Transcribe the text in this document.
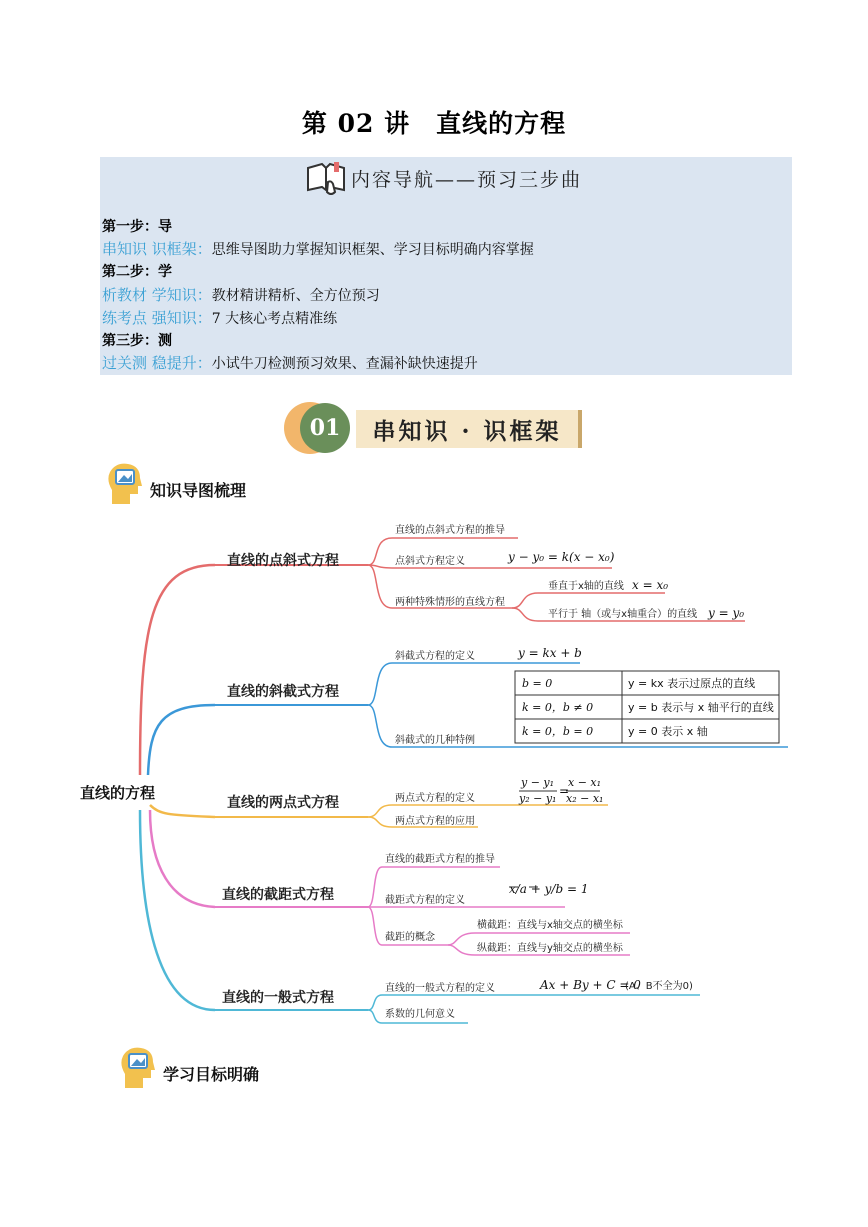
第 02 讲　直线的方程
内容导航——预习三步曲
第一步：导
串知识 识框架：思维导图助力掌握知识框架、学习目标明确内容掌握
第二步：学
析教材 学知识：教材精讲精析、全方位预习
练考点 强知识：7 大核心考点精准练
第三步：测
过关测 稳提升：小试牛刀检测预习效果、查漏补缺快速提升
01	串知识 · 识框架
知识导图梳理
直线的方程
直线的点斜式方程
直线的点斜式方程的推导
点斜式方程定义	y − y₀ = k(x − x₀)
两种特殊情形的直线方程
垂直于x轴的直线 x = x₀
平行于 轴（或与x轴重合）的直线 y = y₀
直线的斜截式方程
斜截式方程的定义	y = kx + b
斜截式的几种特例
b = 0	y = kx 表示过原点的直线
k = 0，b ≠ 0	y = b 表示与 x 轴平行的直线
k = 0，b = 0	y = 0 表示 x 轴
直线的两点式方程	两点式方程的定义
y − y₁
y₂ − y₁
=
x − x₁
x₂ − x₁
两点式方程的应用
直线的截距式方程
直线的截距式方程的推导
截距式方程的定义
x/a + y/b = 1
截距的概念
横截距：直线与x轴交点的横坐标
纵截距：直线与y轴交点的横坐标
直线的一般式方程
直线的一般式方程的定义	Ax + By + C = 0
(A、B不全为0)
系数的几何意义
学习目标明确
